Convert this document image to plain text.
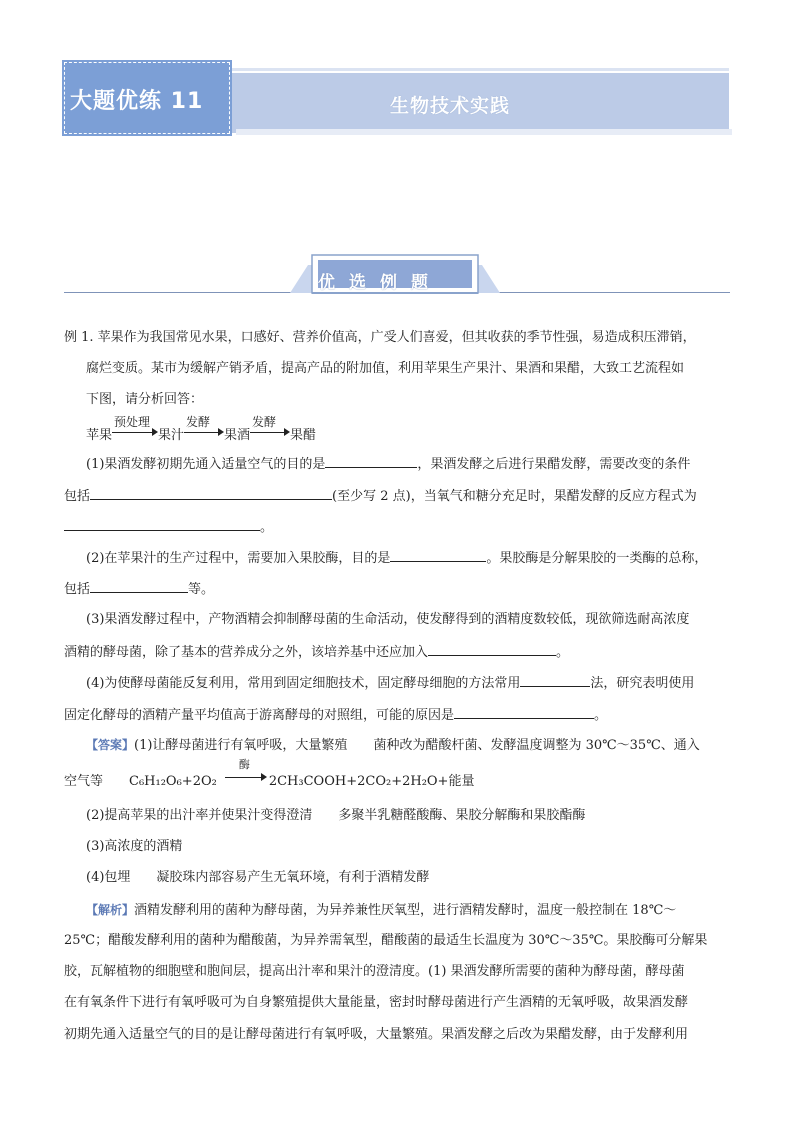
大题优练 11	生物技术实践
优选例题
例 1. 苹果作为我国常见水果，口感好、营养价值高，广受人们喜爱，但其收获的季节性强，易造成积压滞销，
腐烂变质。某市为缓解产销矛盾，提高产品的附加值，利用苹果生产果汁、果酒和果醋，大致工艺流程如
下图，请分析回答：
苹果
预处理
果汁
发酵
果酒
发酵
果醋
(1)果酒发酵初期先通入适量空气的目的是	，果酒发酵之后进行果醋发酵，需要改变的条件
包括	(至少写 2 点)，当氧气和糖分充足时，果醋发酵的反应方程式为
。
(2)在苹果汁的生产过程中，需要加入果胶酶，目的是	。果胶酶是分解果胶的一类酶的总称，
包括	等。
(3)果酒发酵过程中，产物酒精会抑制酵母菌的生命活动，使发酵得到的酒精度数较低，现欲筛选耐高浓度
酒精的酵母菌，除了基本的营养成分之外，该培养基中还应加入	。
(4)为使酵母菌能反复利用，常用到固定细胞技术，固定酵母细胞的方法常用	法，研究表明使用
固定化酵母的酒精产量平均值高于游离酵母的对照组，可能的原因是	。
【答案】(1)让酵母菌进行有氧呼吸，大量繁殖 菌种改为醋酸杆菌、发酵温度调整为 30℃～35℃、通入
空气等 C₆H₁₂O₆+2O₂
酶
2CH₃COOH+2CO₂+2H₂O+能量
(2)提高苹果的出汁率并使果汁变得澄清 多聚半乳糖醛酸酶、果胶分解酶和果胶酯酶
(3)高浓度的酒精
(4)包埋 凝胶珠内部容易产生无氧环境，有利于酒精发酵
【解析】酒精发酵利用的菌种为酵母菌，为异养兼性厌氧型，进行酒精发酵时，温度一般控制在 18℃～
25℃；醋酸发酵利用的菌种为醋酸菌，为异养需氧型，醋酸菌的最适生长温度为 30℃～35℃。果胶酶可分解果
胶，瓦解植物的细胞壁和胞间层，提高出汁率和果汁的澄清度。(1) 果酒发酵所需要的菌种为酵母菌，酵母菌
在有氧条件下进行有氧呼吸可为自身繁殖提供大量能量，密封时酵母菌进行产生酒精的无氧呼吸，故果酒发酵
初期先通入适量空气的目的是让酵母菌进行有氧呼吸，大量繁殖。果酒发酵之后改为果醋发酵，由于发酵利用
